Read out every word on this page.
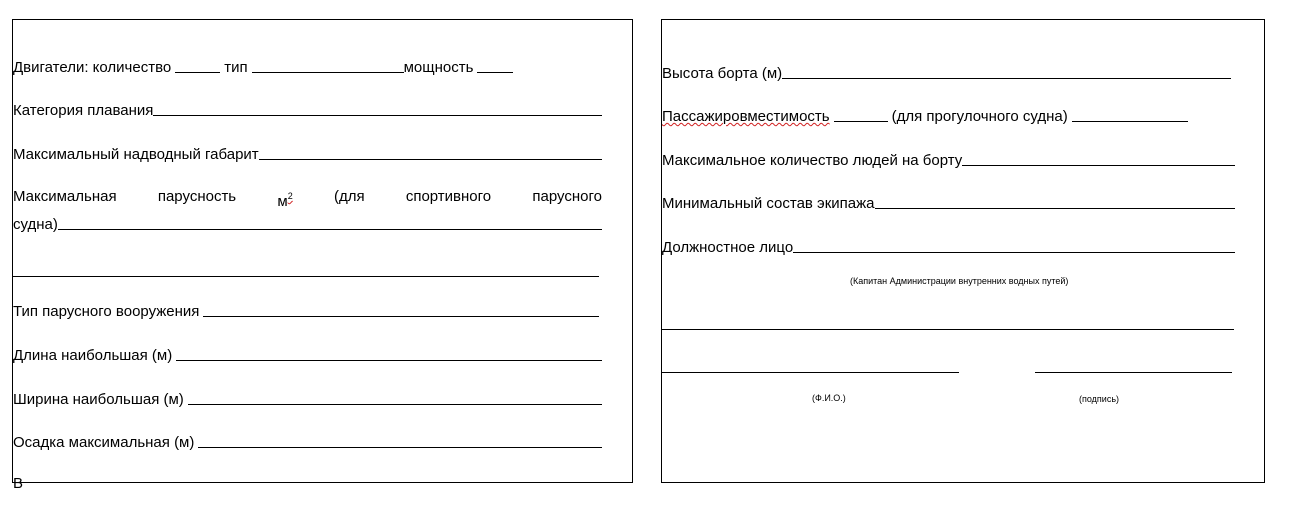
Двигатели: количество	тип	мощность
Категория плавания
Максимальный надводный габарит
Максимальная	парусность	$м^2$	(для	спортивного	парусного
судна)
Тип парусного вооружения
Длина наибольшая (м)
Ширина наибольшая (м)
Осадка максимальная (м)
В
Высота борта (м)
Пассажировместимость	(для прогулочного судна)
Максимальное количество людей на борту
Минимальный состав экипажа
Должностное лицо
(Капитан Администрации внутренних водных путей)
(Ф.И.О.)	(подпись)
